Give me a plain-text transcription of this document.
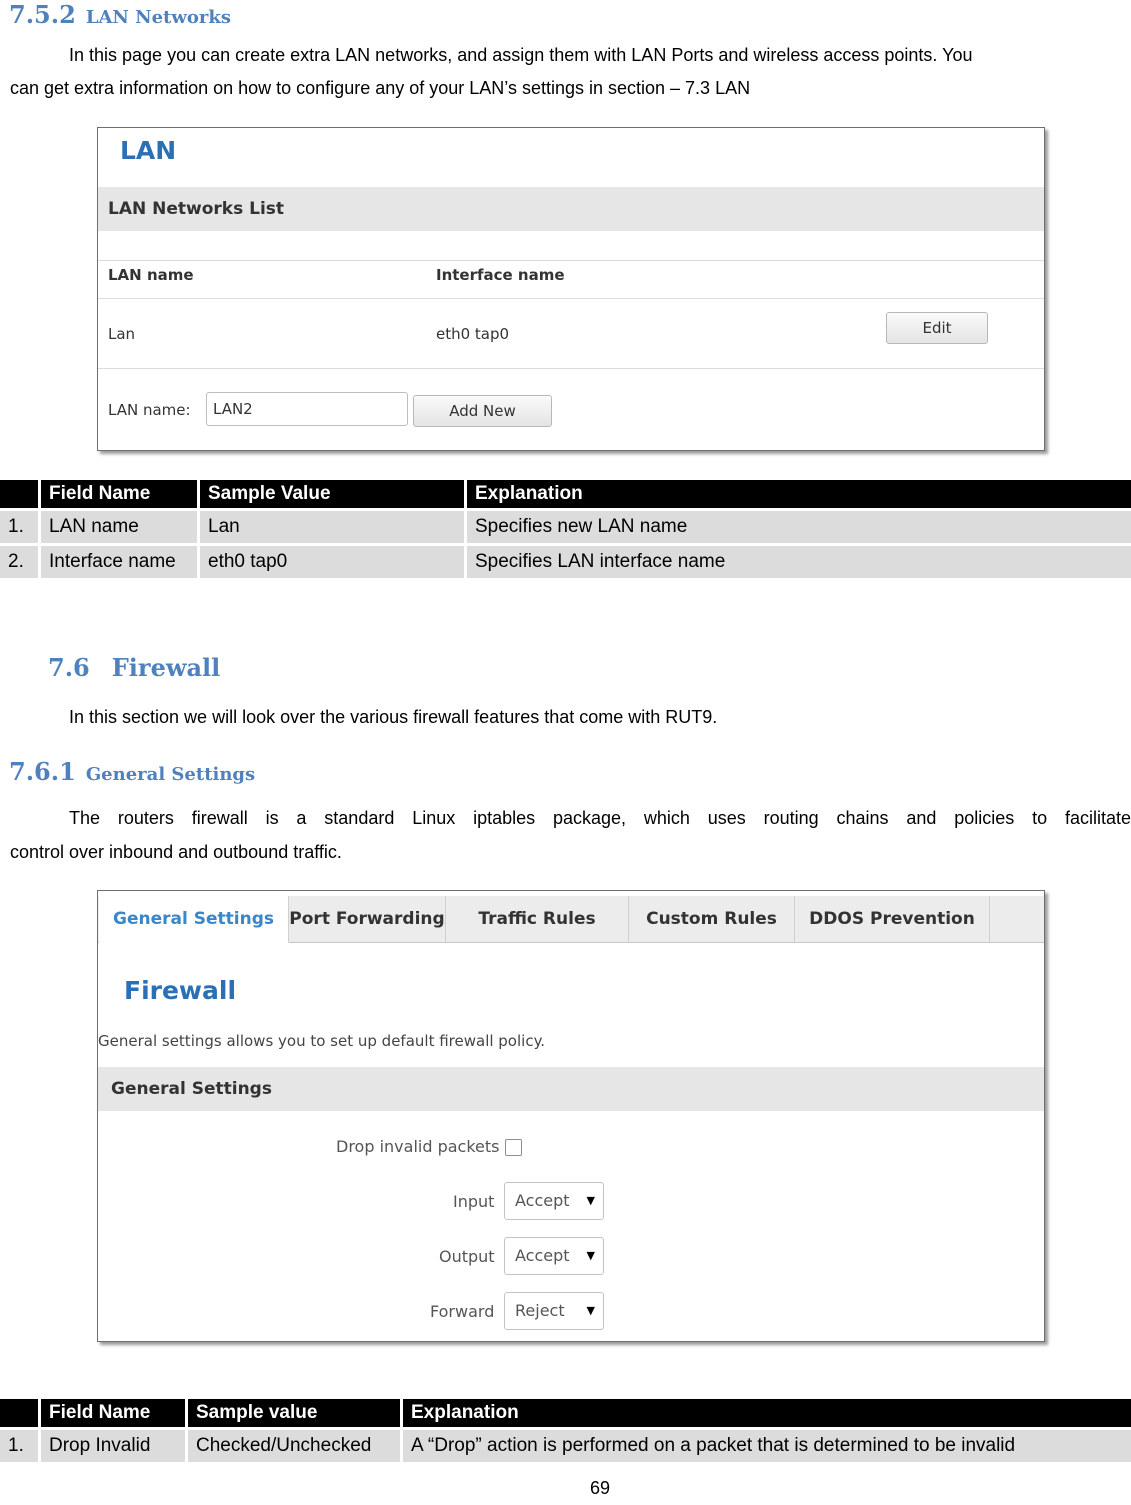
7.5.2 LAN Networks
In this page you can create extra LAN networks, and assign them with LAN Ports and wireless access points. You
can get extra information on how to configure any of your LAN’s settings in section – 7.3 LAN
LAN
LAN Networks List
LAN name	Interface name
Lan	eth0 tap0	Edit
LAN name:	LAN2	Add New
	Field Name	Sample Value	Explanation
1.	LAN name	Lan	Specifies new LAN name
2.	Interface name	eth0 tap0	Specifies LAN interface name
7.6 Firewall
In this section we will look over the various firewall features that come with RUT9.
7.6.1 General Settings
The routers firewall is a standard Linux iptables package, which uses routing chains and policies to facilitate
control over inbound and outbound traffic.
General Settings Port Forwarding	Traffic Rules	Custom Rules	DDOS Prevention
Firewall
General settings allows you to set up default firewall policy.
General Settings
Drop invalid packets
Input	Accept ▼
Output	Accept ▼
Forward	Reject ▼
	Field Name	Sample value	Explanation
1.	Drop Invalid	Checked/Unchecked	A “Drop” action is performed on a packet that is determined to be invalid
69
